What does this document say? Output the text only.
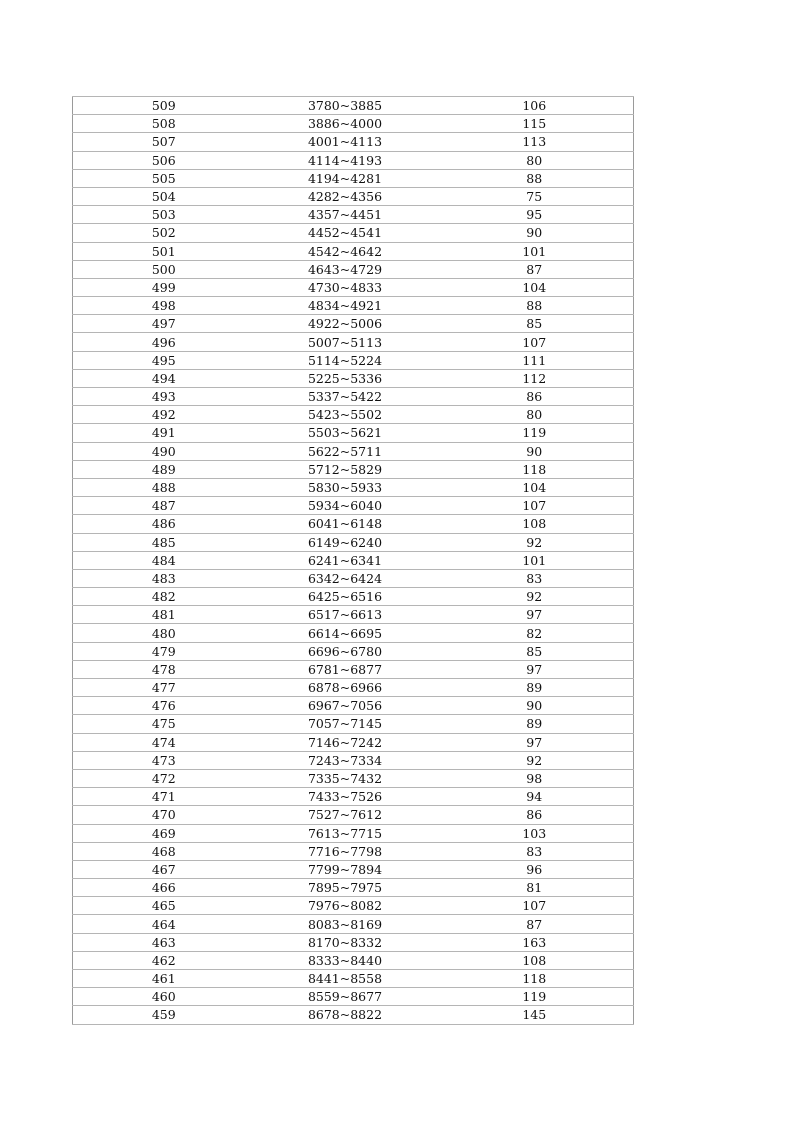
509	3780~3885	106
508	3886~4000	115
507	4001~4113	113
506	4114~4193	80
505	4194~4281	88
504	4282~4356	75
503	4357~4451	95
502	4452~4541	90
501	4542~4642	101
500	4643~4729	87
499	4730~4833	104
498	4834~4921	88
497	4922~5006	85
496	5007~5113	107
495	5114~5224	111
494	5225~5336	112
493	5337~5422	86
492	5423~5502	80
491	5503~5621	119
490	5622~5711	90
489	5712~5829	118
488	5830~5933	104
487	5934~6040	107
486	6041~6148	108
485	6149~6240	92
484	6241~6341	101
483	6342~6424	83
482	6425~6516	92
481	6517~6613	97
480	6614~6695	82
479	6696~6780	85
478	6781~6877	97
477	6878~6966	89
476	6967~7056	90
475	7057~7145	89
474	7146~7242	97
473	7243~7334	92
472	7335~7432	98
471	7433~7526	94
470	7527~7612	86
469	7613~7715	103
468	7716~7798	83
467	7799~7894	96
466	7895~7975	81
465	7976~8082	107
464	8083~8169	87
463	8170~8332	163
462	8333~8440	108
461	8441~8558	118
460	8559~8677	119
459	8678~8822	145
